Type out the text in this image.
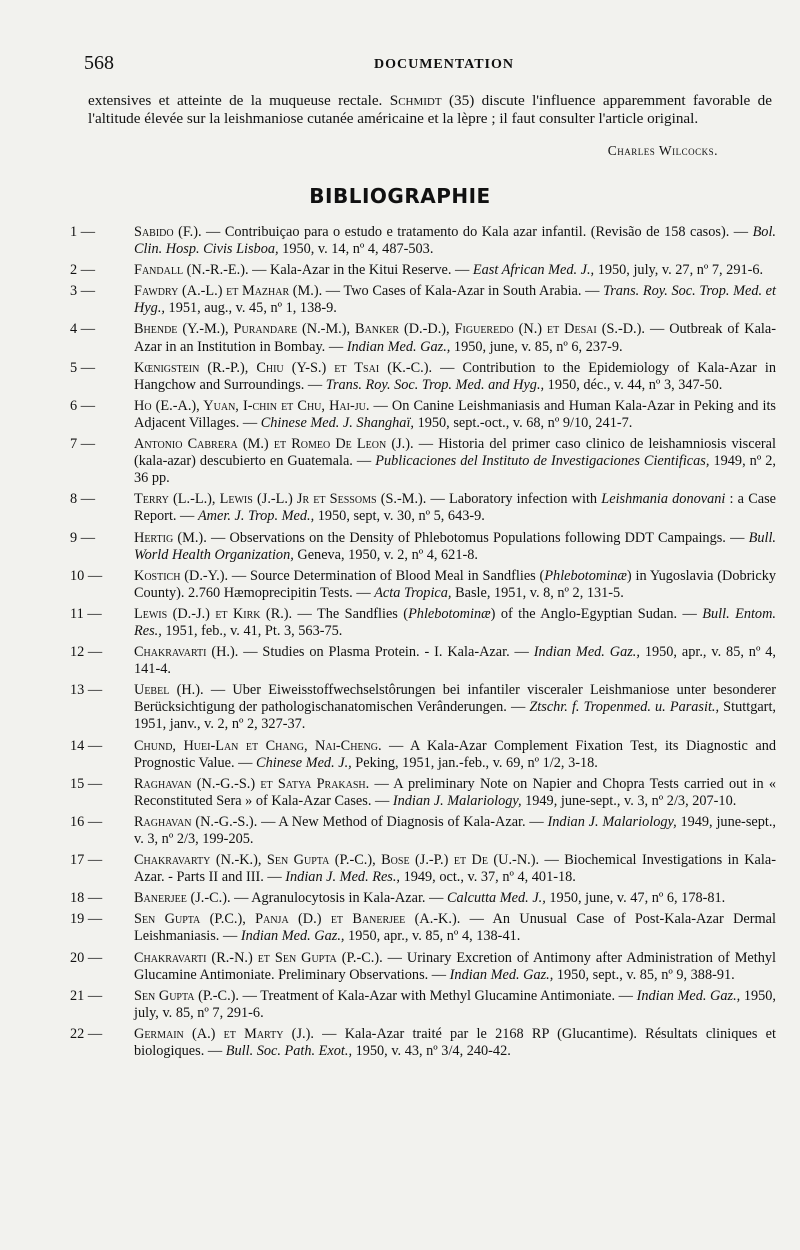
568	DOCUMENTATION

extensives et atteinte de la muqueuse rectale. Schmidt (35) discute l'influence apparemment favorable de l'altitude élevée sur la leishmaniose cutanée américaine et la lèpre ; il faut consulter l'article original.

Charles Wilcocks.
BIBLIOGRAPHIE
1 —	Sabido (F.). — Contribuiçao para o estudo e tratamento do Kala azar infantil. (Revisão de 158 casos). — Bol. Clin. Hosp. Civis Lisboa, 1950, v. 14, nº 4, 487-503.
2 —	Fandall (N.-R.-E.). — Kala-Azar in the Kitui Reserve. — East African Med. J., 1950, july, v. 27, nº 7, 291-6.
3 —	Fawdry (A.-L.) et Mazhar (M.). — Two Cases of Kala-Azar in South Arabia. — Trans. Roy. Soc. Trop. Med. et Hyg., 1951, aug., v. 45, nº 1, 138-9.
4 —	Bhende (Y.-M.), Purandare (N.-M.), Banker (D.-D.), Figueredo (N.) et Desai (S.-D.). — Outbreak of Kala-Azar in an Institution in Bombay. — Indian Med. Gaz., 1950, june, v. 85, nº 6, 237-9.
5 —	Kœnigstein (R.-P.), Chiu (Y-S.) et Tsai (K.-C.). — Contribution to the Epidemiology of Kala-Azar in Hangchow and Surroundings. — Trans. Roy. Soc. Trop. Med. and Hyg., 1950, déc., v. 44, nº 3, 347-50.
6 —	Ho (E.-A.), Yuan, I-chin et Chu, Hai-ju. — On Canine Leishmaniasis and Human Kala-Azar in Peking and its Adjacent Villages. — Chinese Med. J. Shanghaï, 1950, sept.-oct., v. 68, nº 9/10, 241-7.
7 —	Antonio Cabrera (M.) et Romeo De Leon (J.). — Historia del primer caso clinico de leishamniosis visceral (kala-azar) descubierto en Guatemala. — Publicaciones del Instituto de Investigaciones Cientificas, 1949, nº 2, 36 pp.
8 —	Terry (L.-L.), Lewis (J.-L.) Jr et Sessoms (S.-M.). — Laboratory infection with Leishmania donovani : a Case Report. — Amer. J. Trop. Med., 1950, sept, v. 30, nº 5, 643-9.
9 —	Hertig (M.). — Observations on the Density of Phlebotomus Populations following DDT Campaings. — Bull. World Health Organization, Geneva, 1950, v. 2, nº 4, 621-8.
10 —	Kostich (D.-Y.). — Source Determination of Blood Meal in Sandflies (Phlebotominæ) in Yugoslavia (Dobricky County). 2.760 Hæmoprecipitin Tests. — Acta Tropica, Basle, 1951, v. 8, nº 2, 131-5.
11 —	Lewis (D.-J.) et Kirk (R.). — The Sandflies (Phlebotominæ) of the Anglo-Egyptian Sudan. — Bull. Entom. Res., 1951, feb., v. 41, Pt. 3, 563-75.
12 —	Chakravarti (H.). — Studies on Plasma Protein. - I. Kala-Azar. — Indian Med. Gaz., 1950, apr., v. 85, nº 4, 141-4.
13 —	Uebel (H.). — Uber Eiweisstoffwechselstôrungen bei infantiler visceraler Leishmaniose unter besonderer Berücksichtigung der pathologischanatomischen Verânderungen. — Ztschr. f. Tropenmed. u. Parasit., Stuttgart, 1951, janv., v. 2, nº 2, 327-37.
14 —	Chund, Huei-Lan et Chang, Nai-Cheng. — A Kala-Azar Complement Fixation Test, its Diagnostic and Prognostic Value. — Chinese Med. J., Peking, 1951, jan.-feb., v. 69, nº 1/2, 3-18.
15 —	Raghavan (N.-G.-S.) et Satya Prakash. — A preliminary Note on Napier and Chopra Tests carried out in « Reconstituted Sera » of Kala-Azar Cases. — Indian J. Malariology, 1949, june-sept., v. 3, nº 2/3, 207-10.
16 —	Raghavan (N.-G.-S.). — A New Method of Diagnosis of Kala-Azar. — Indian J. Malariology, 1949, june-sept., v. 3, nº 2/3, 199-205.
17 —	Chakravarty (N.-K.), Sen Gupta (P.-C.), Bose (J.-P.) et De (U.-N.). — Biochemical Investigations in Kala-Azar. - Parts II and III. — Indian J. Med. Res., 1949, oct., v. 37, nº 4, 401-18.
18 —	Banerjee (J.-C.). — Agranulocytosis in Kala-Azar. — Calcutta Med. J., 1950, june, v. 47, nº 6, 178-81.
19 —	Sen Gupta (P.C.), Panja (D.) et Banerjee (A.-K.). — An Unusual Case of Post-Kala-Azar Dermal Leishmaniasis. — Indian Med. Gaz., 1950, apr., v. 85, nº 4, 138-41.
20 —	Chakravarti (R.-N.) et Sen Gupta (P.-C.). — Urinary Excretion of Antimony after Administration of Methyl Glucamine Antimoniate. Preliminary Observations. — Indian Med. Gaz., 1950, sept., v. 85, nº 9, 388-91.
21 —	Sen Gupta (P.-C.). — Treatment of Kala-Azar with Methyl Glucamine Antimoniate. — Indian Med. Gaz., 1950, july, v. 85, nº 7, 291-6.
22 —	Germain (A.) et Marty (J.). — Kala-Azar traité par le 2168 RP (Glucantime). Résultats cliniques et biologiques. — Bull. Soc. Path. Exot., 1950, v. 43, nº 3/4, 240-42.
